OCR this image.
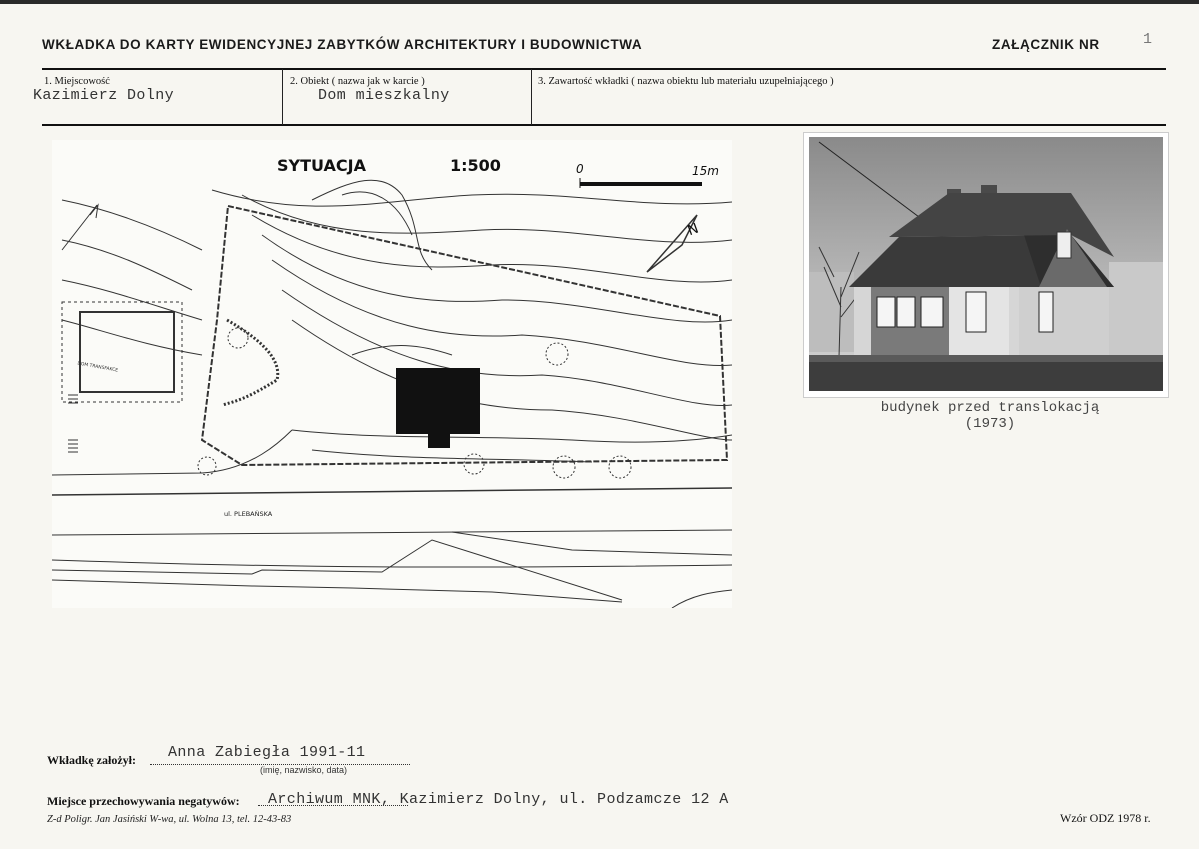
WKŁADKA DO KARTY EWIDENCYJNEJ ZABYTKÓW ARCHITEKTURY I BUDOWNICTWA	ZAŁĄCZNIK NR	1
1. Miejscowość
Kazimierz Dolny
2. Obiekt ( nazwa jak w karcie )
Dom mieszkalny
3. Zawartość wkładki ( nazwa obiektu lub materiału uzupełniającego )
SYTUACJA	1:500	0	15m
N
ul. PLEBAŃSKA
DOM TRANSFAKCE
budynek przed translokacją
(1973)
Wkładkę założył: Anna Zabiegła 1991-11
(imię, nazwisko, data)
Miejsce przechowywania negatywów: Archiwum MNK, Kazimierz Dolny, ul. Podzamcze 12 A
Z-d Poligr. Jan Jasiński W-wa, ul. Wolna 13, tel. 12-43-83	Wzór ODZ 1978 r.
